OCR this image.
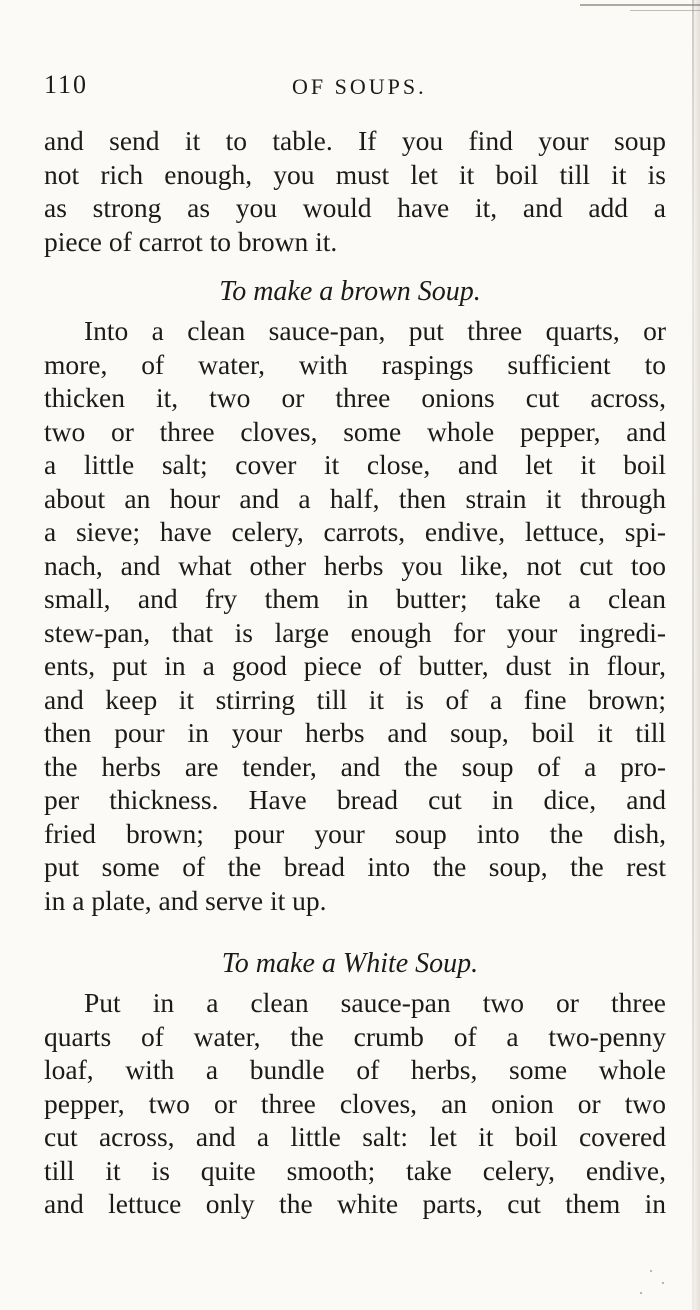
110	OF SOUPS.
and send it to table. If you find your soup
not rich enough, you must let it boil till it is
as strong as you would have it, and add a
piece of carrot to brown it.
To make a brown Soup.
Into a clean sauce-pan, put three quarts, or
more, of water, with raspings sufficient to
thicken it, two or three onions cut across,
two or three cloves, some whole pepper, and
a little salt; cover it close, and let it boil
about an hour and a half, then strain it through
a sieve; have celery, carrots, endive, lettuce, spi-
nach, and what other herbs you like, not cut too
small, and fry them in butter; take a clean
stew-pan, that is large enough for your ingredi-
ents, put in a good piece of butter, dust in flour,
and keep it stirring till it is of a fine brown;
then pour in your herbs and soup, boil it till
the herbs are tender, and the soup of a pro-
per thickness. Have bread cut in dice, and
fried brown; pour your soup into the dish,
put some of the bread into the soup, the rest
in a plate, and serve it up.
To make a White Soup.
Put in a clean sauce-pan two or three
quarts of water, the crumb of a two-penny
loaf, with a bundle of herbs, some whole
pepper, two or three cloves, an onion or two
cut across, and a little salt: let it boil covered
till it is quite smooth; take celery, endive,
and lettuce only the white parts, cut them in
